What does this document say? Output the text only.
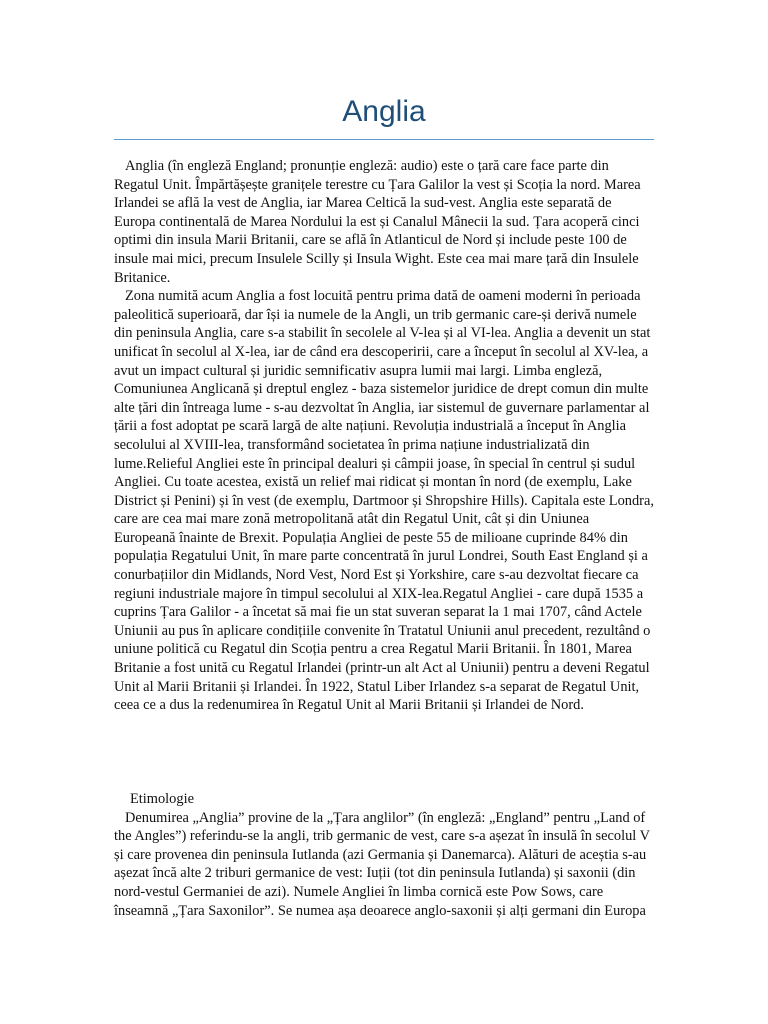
Anglia

Anglia (în engleză England; pronunție engleză: audio) este o țară care face parte din Regatul Unit. Împărtășește granițele terestre cu Țara Galilor la vest și Scoția la nord. Marea Irlandei se află la vest de Anglia, iar Marea Celtică la sud-vest. Anglia este separată de Europa continentală de Marea Nordului la est și Canalul Mânecii la sud. Țara acoperă cinci optimi din insula Marii Britanii, care se află în Atlanticul de Nord și include peste 100 de insule mai mici, precum Insulele Scilly și Insula Wight. Este cea mai mare țară din Insulele Britanice.

Zona numită acum Anglia a fost locuită pentru prima dată de oameni moderni în perioada paleolitică superioară, dar își ia numele de la Angli, un trib germanic care-și derivă numele din peninsula Anglia, care s-a stabilit în secolele al V-lea și al VI-lea. Anglia a devenit un stat unificat în secolul al X-lea, iar de când era descoperirii, care a început în secolul al XV-lea, a avut un impact cultural și juridic semnificativ asupra lumii mai largi. Limba engleză, Comuniunea Anglicană și dreptul englez - baza sistemelor juridice de drept comun din multe alte țări din întreaga lume - s-au dezvoltat în Anglia, iar sistemul de guvernare parlamentar al țării a fost adoptat pe scară largă de alte națiuni. Revoluția industrială a început în Anglia secolului al XVIII-lea, transformând societatea în prima națiune industrializată din lume.Relieful Angliei este în principal dealuri și câmpii joase, în special în centrul și sudul Angliei. Cu toate acestea, există un relief mai ridicat și montan în nord (de exemplu, Lake District și Penini) și în vest (de exemplu, Dartmoor și Shropshire Hills). Capitala este Londra, care are cea mai mare zonă metropolitană atât din Regatul Unit, cât și din Uniunea Europeană înainte de Brexit. Populația Angliei de peste 55 de milioane cuprinde 84% din populația Regatului Unit, în mare parte concentrată în jurul Londrei, South East England și a conurbațiilor din Midlands, Nord Vest, Nord Est și Yorkshire, care s-au dezvoltat fiecare ca regiuni industriale majore în timpul secolului al XIX-lea.Regatul Angliei - care după 1535 a cuprins Țara Galilor - a încetat să mai fie un stat suveran separat la 1 mai 1707, când Actele Uniunii au pus în aplicare condițiile convenite în Tratatul Uniunii anul precedent, rezultând o uniune politică cu Regatul din Scoția pentru a crea Regatul Marii Britanii. În 1801, Marea Britanie a fost unită cu Regatul Irlandei (printr-un alt Act al Uniunii) pentru a deveni Regatul Unit al Marii Britanii și Irlandei. În 1922, Statul Liber Irlandez s-a separat de Regatul Unit, ceea ce a dus la redenumirea în Regatul Unit al Marii Britanii și Irlandei de Nord.

Etimologie

Denumirea „Anglia” provine de la „Țara anglilor” (în engleză: „England” pentru „Land of the Angles”) referindu-se la angli, trib germanic de vest, care s-a așezat în insulă în secolul V și care provenea din peninsula Iutlanda (azi Germania și Danemarca). Alături de aceștia s-au așezat încă alte 2 triburi germanice de vest: Iuții (tot din peninsula Iutlanda) și saxonii (din nord-vestul Germaniei de azi). Numele Angliei în limba cornică este Pow Sows, care înseamnă „Țara Saxonilor”. Se numea așa deoarece anglo-saxonii și alți germani din Europa
